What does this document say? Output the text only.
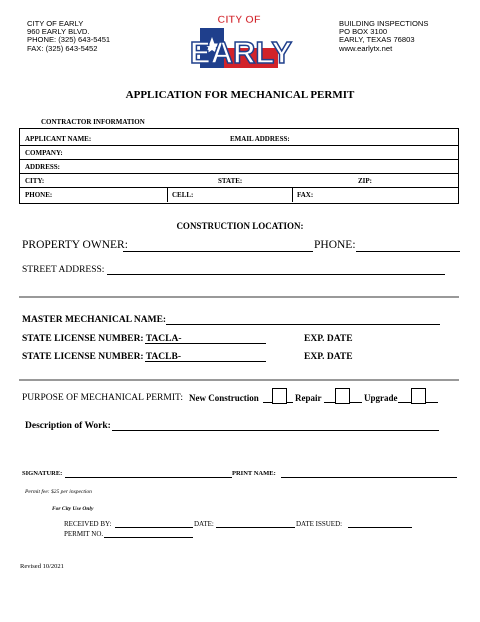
CITY OF EARLY
960 EARLY BLVD.
PHONE: (325) 643-5451
FAX: (325) 643-5452
CITY OF
EARLY
BUILDING INSPECTIONS
PO BOX 3100
EARLY, TEXAS 76803
www.earlytx.net
APPLICATION FOR MECHANICAL PERMIT
CONTRACTOR INFORMATION
APPLICANT NAME:	EMAIL ADDRESS:
COMPANY:
ADDRESS:
CITY:	STATE:	ZIP:
PHONE:	CELL:	FAX:
CONSTRUCTION LOCATION:
PROPERTY OWNER:	PHONE:
STREET ADDRESS:
MASTER MECHANICAL NAME:
STATE LICENSE NUMBER: TACLA-	EXP. DATE
STATE LICENSE NUMBER: TACLB-	EXP. DATE
PURPOSE OF MECHANICAL PERMIT: New Construction	Repair	Upgrade
Description of Work:
SIGNATURE:	PRINT NAME:
Permit fee: $25 per inspection
For City Use Only
RECEIVED BY:	DATE:	DATE ISSUED:
PERMIT NO.
Revised 10/2021
